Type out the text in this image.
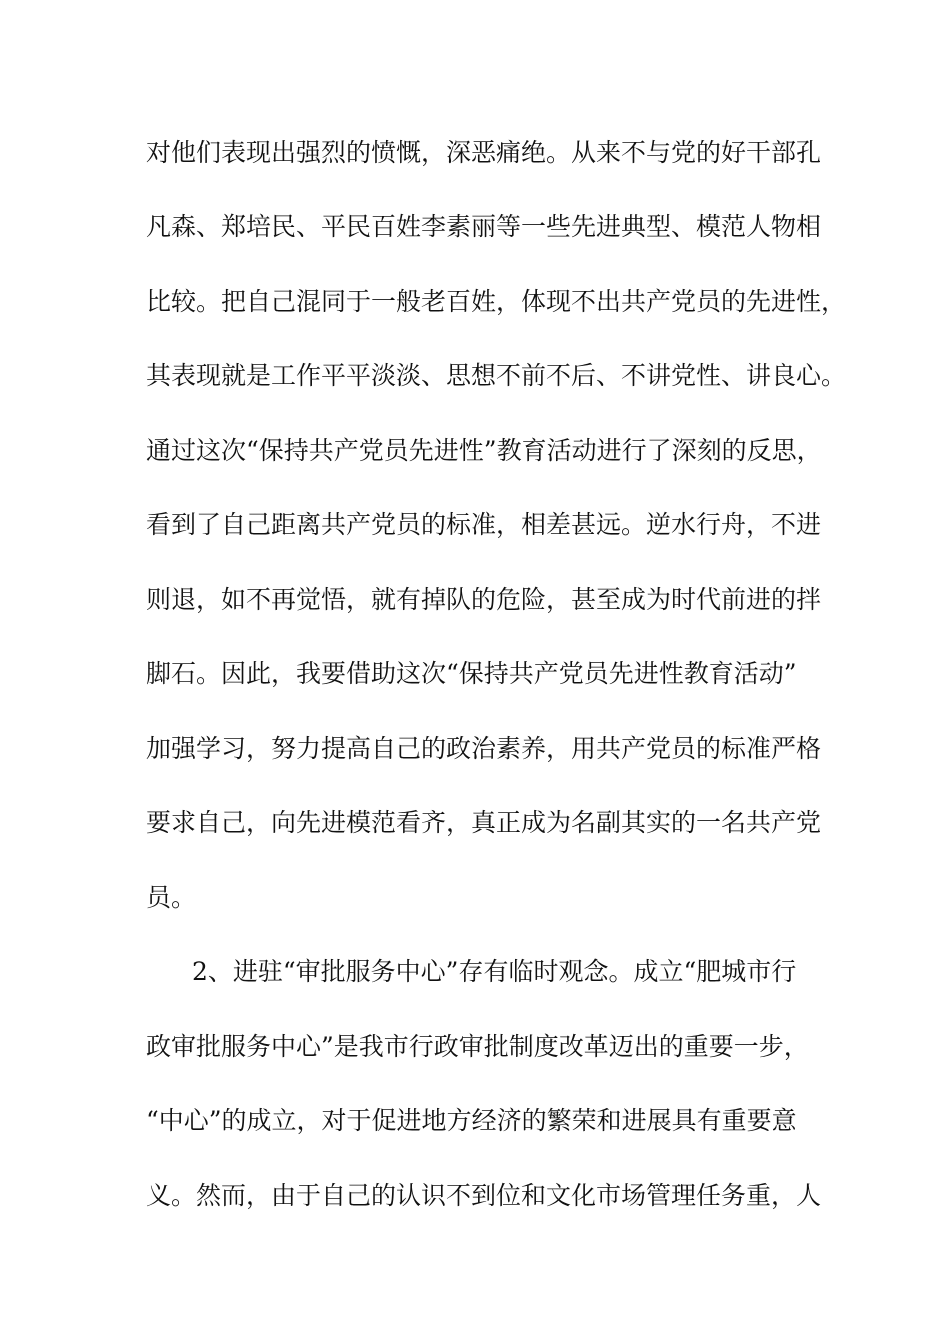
对他们表现出强烈的愤慨，深恶痛绝。从来不与党的好干部孔
凡森、郑培民、平民百姓李素丽等一些先进典型、模范人物相
比较。把自己混同于一般老百姓，体现不出共产党员的先进性，
其表现就是工作平平淡淡、思想不前不后、不讲党性、讲良心。
通过这次“保持共产党员先进性”教育活动进行了深刻的反思，
看到了自己距离共产党员的标准，相差甚远。逆水行舟，不进
则退，如不再觉悟，就有掉队的危险，甚至成为时代前进的拌
脚石。因此，我要借助这次“保持共产党员先进性教育活动”
加强学习，努力提高自己的政治素养，用共产党员的标准严格
要求自己，向先进模范看齐，真正成为名副其实的一名共产党
员。
2、进驻“审批服务中心”存有临时观念。成立“肥城市行
政审批服务中心”是我市行政审批制度改革迈出的重要一步，
“中心”的成立，对于促进地方经济的繁荣和进展具有重要意
义。然而，由于自己的认识不到位和文化市场管理任务重，人
